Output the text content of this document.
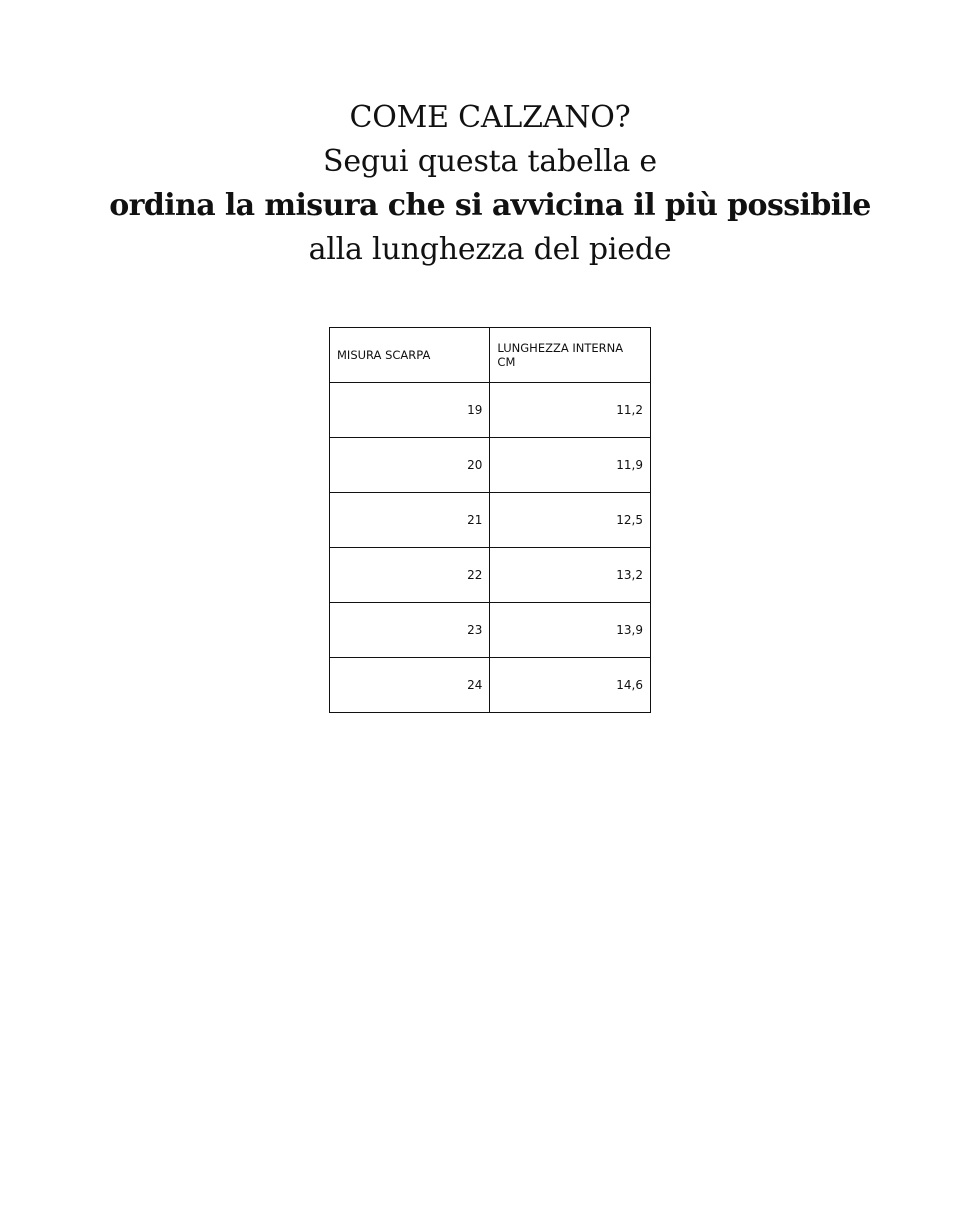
COME CALZANO?
Segui questa tabella e
ordina la misura che si avvicina il più possibile
alla lunghezza del piede
MISURA SCARPA	LUNGHEZZA INTERNA CM
19	11,2
20	11,9
21	12,5
22	13,2
23	13,9
24	14,6
